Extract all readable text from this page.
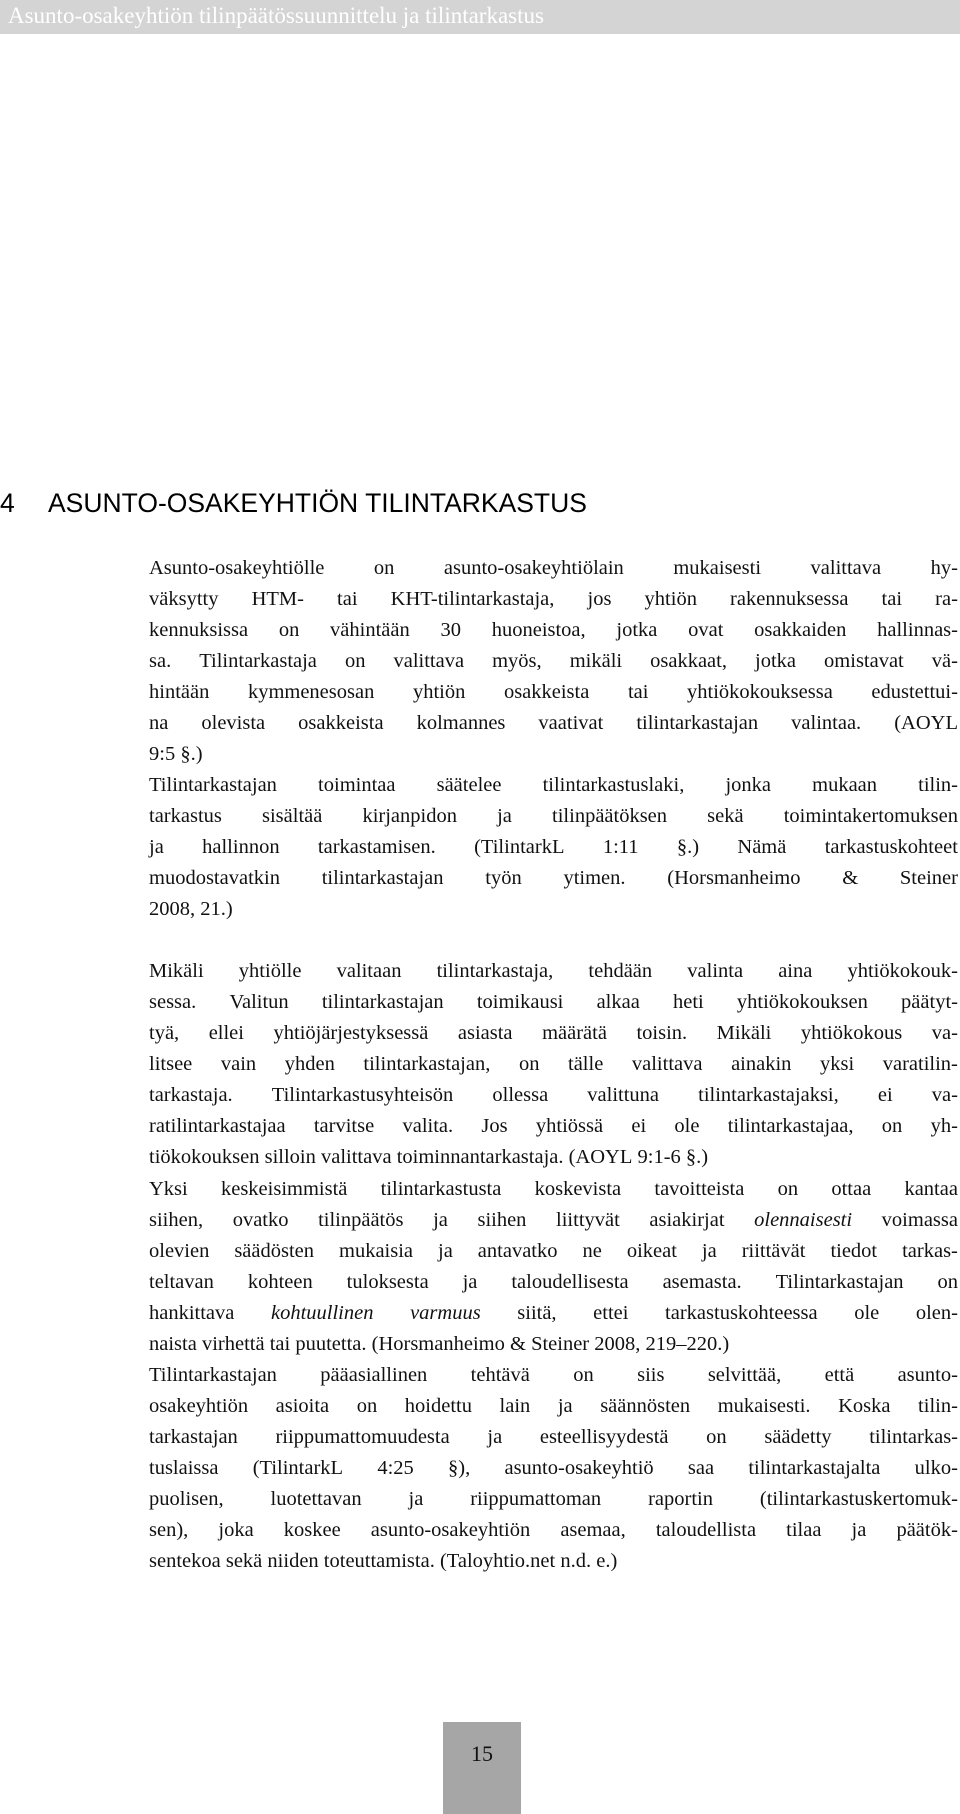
Asunto-osakeyhtiön tilinpäätössuunnittelu ja tilintarkastus
4 ASUNTO-OSAKEYHTIÖN TILINTARKASTUS
Asunto-osakeyhtiölle on asunto-osakeyhtiölain mukaisesti valittava hy-
väksytty HTM- tai KHT-tilintarkastaja, jos yhtiön rakennuksessa tai ra-
kennuksissa on vähintään 30 huoneistoa, jotka ovat osakkaiden hallinnas-
sa. Tilintarkastaja on valittava myös, mikäli osakkaat, jotka omistavat vä-
hintään kymmenesosan yhtiön osakkeista tai yhtiökokouksessa edustettui-
na olevista osakkeista kolmannes vaativat tilintarkastajan valintaa. (AOYL
9:5 §.)
Tilintarkastajan toimintaa säätelee tilintarkastuslaki, jonka mukaan tilin-
tarkastus sisältää kirjanpidon ja tilinpäätöksen sekä toimintakertomuksen
ja hallinnon tarkastamisen. (TilintarkL 1:11 §.) Nämä tarkastuskohteet
muodostavatkin tilintarkastajan työn ytimen. (Horsmanheimo & Steiner
2008, 21.)
Mikäli yhtiölle valitaan tilintarkastaja, tehdään valinta aina yhtiökokouk-
sessa. Valitun tilintarkastajan toimikausi alkaa heti yhtiökokouksen päätyt-
tyä, ellei yhtiöjärjestyksessä asiasta määrätä toisin. Mikäli yhtiökokous va-
litsee vain yhden tilintarkastajan, on tälle valittava ainakin yksi varatilin-
tarkastaja. Tilintarkastusyhteisön ollessa valittuna tilintarkastajaksi, ei va-
ratilintarkastajaa tarvitse valita. Jos yhtiössä ei ole tilintarkastajaa, on yh-
tiökokouksen silloin valittava toiminnantarkastaja. (AOYL 9:1-6 §.)
Yksi keskeisimmistä tilintarkastusta koskevista tavoitteista on ottaa kantaa
siihen, ovatko tilinpäätös ja siihen liittyvät asiakirjat olennaisesti voimassa
olevien säädösten mukaisia ja antavatko ne oikeat ja riittävät tiedot tarkas-
teltavan kohteen tuloksesta ja taloudellisesta asemasta. Tilintarkastajan on
hankittava kohtuullinen varmuus siitä, ettei tarkastuskohteessa ole olen-
naista virhettä tai puutetta. (Horsmanheimo & Steiner 2008, 219–220.)
Tilintarkastajan pääasiallinen tehtävä on siis selvittää, että asunto-
osakeyhtiön asioita on hoidettu lain ja säännösten mukaisesti. Koska tilin-
tarkastajan riippumattomuudesta ja esteellisyydestä on säädetty tilintarkas-
tuslaissa (TilintarkL 4:25 §), asunto-osakeyhtiö saa tilintarkastajalta ulko-
puolisen, luotettavan ja riippumattoman raportin (tilintarkastuskertomuk-
sen), joka koskee asunto-osakeyhtiön asemaa, taloudellista tilaa ja päätök-
sentekoa sekä niiden toteuttamista. (Taloyhtio.net n.d. e.)
15
